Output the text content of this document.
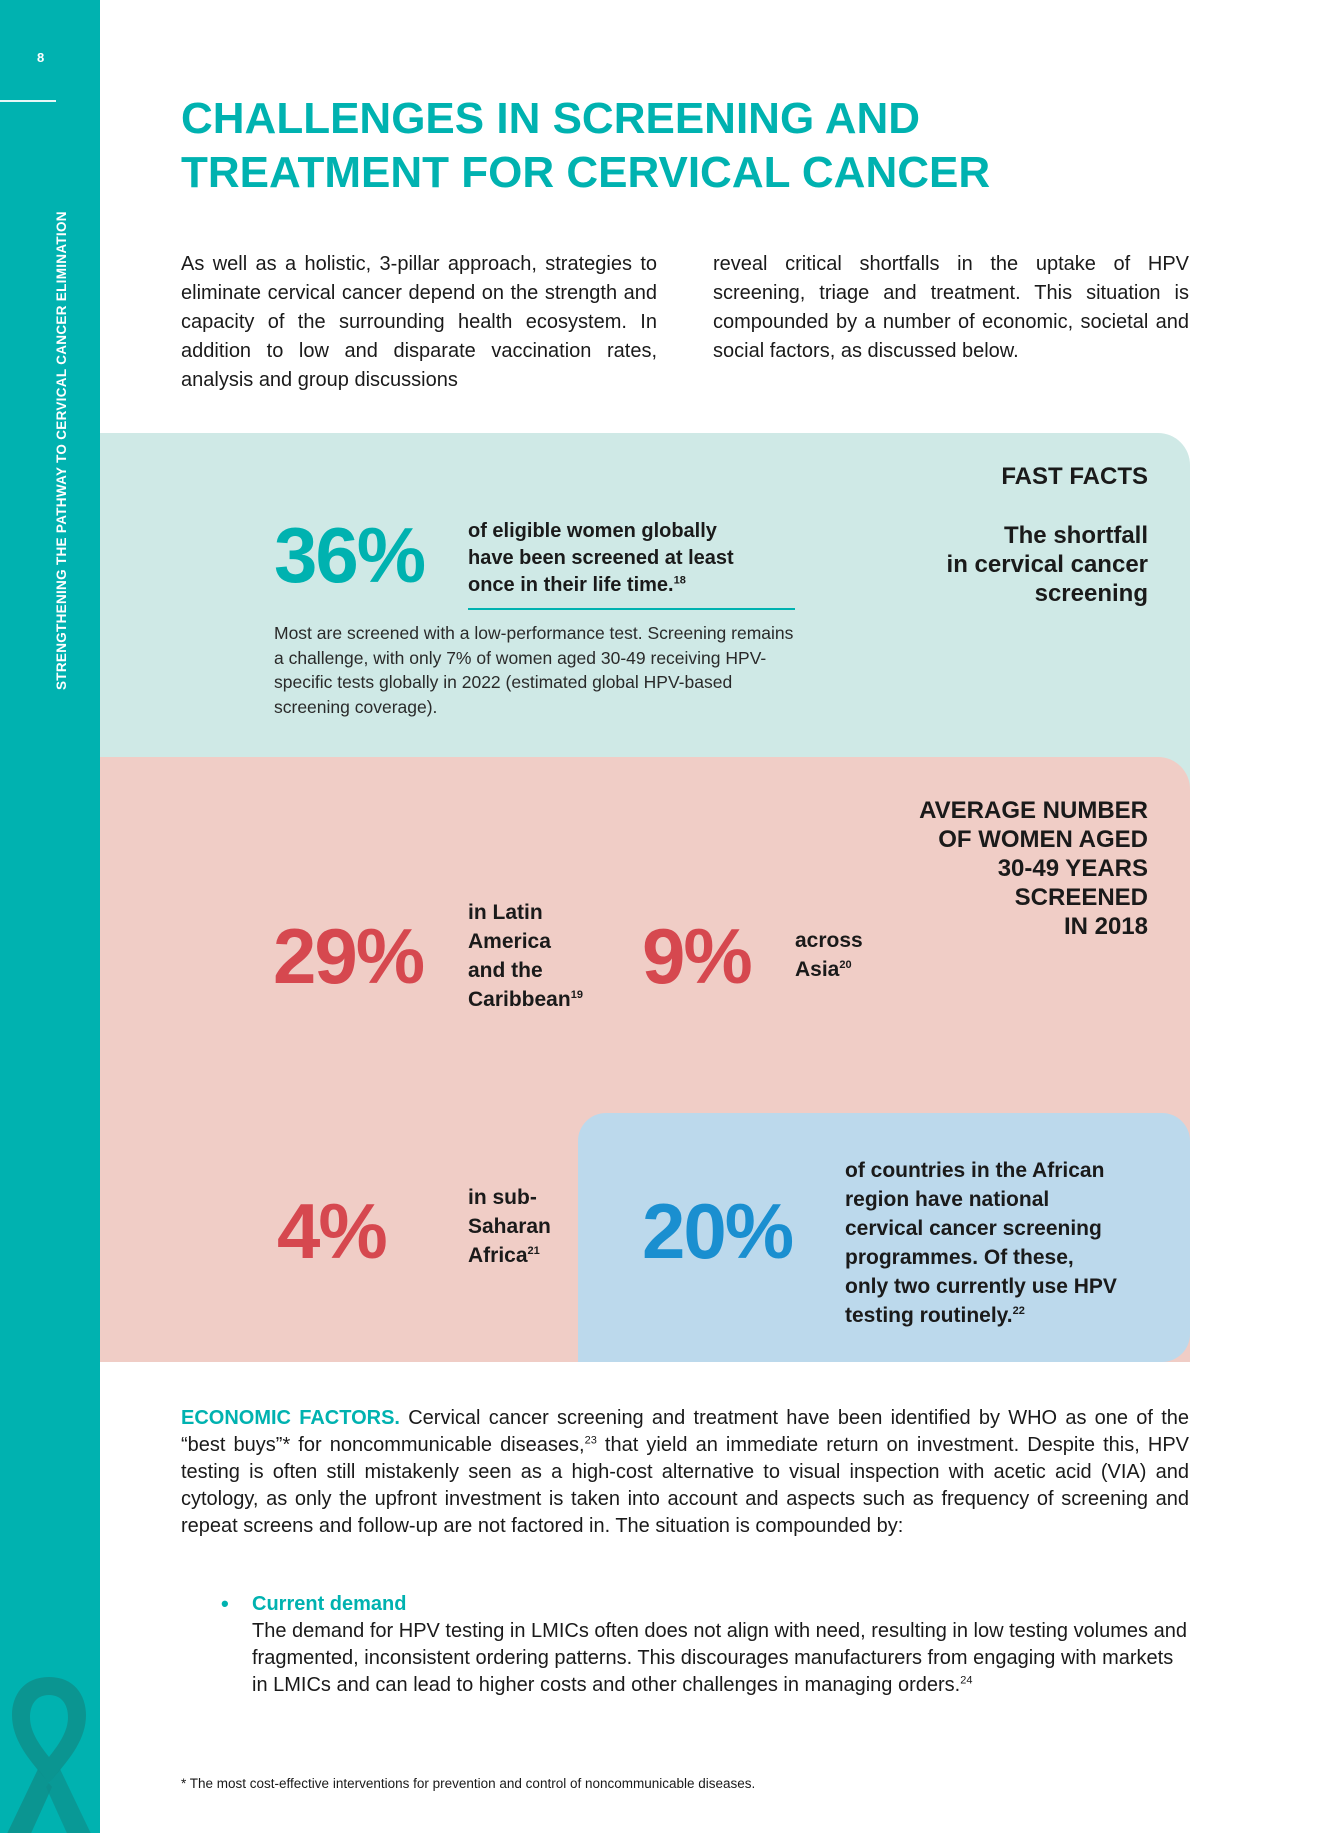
8
STRENGTHENING THE PATHWAY TO CERVICAL CANCER ELIMINATION
CHALLENGES IN SCREENING AND
TREATMENT FOR CERVICAL CANCER

As well as a holistic, 3-pillar approach, strategies to eliminate cervical cancer depend on the strength and capacity of the surrounding health ecosystem. In addition to low and disparate vaccination rates, analysis and group discussions

reveal critical shortfalls in the uptake of HPV screening, triage and treatment. This situation is compounded by a number of economic, societal and social factors, as discussed below.

FAST FACTS
The shortfall
in cervical cancer
screening
36% of eligible women globally
have been screened at least
once in their life time.$^{18}$

Most are screened with a low-performance test. Screening remains a challenge, with only 7% of women aged 30-49 receiving HPV-specific tests globally in 2022 (estimated global HPV-based screening coverage).

AVERAGE NUMBER
OF WOMEN AGED
30-49 YEARS
SCREENED
IN 2018
29% in Latin
America
and the
Caribbean$^{19}$ 9% across
Asia$^{20}$
4%	in sub-
Saharan
Africa$^{21}$ 20%
of countries in the African
region have national
cervical cancer screening
programmes. Of these,
only two currently use HPV
testing routinely.$^{22}$

ECONOMIC FACTORS. Cervical cancer screening and treatment have been identified by WHO as one of the “best buys”* for noncommunicable diseases,$^{23}$ that yield an immediate return on investment. Despite this, HPV testing is often still mistakenly seen as a high-cost alternative to visual inspection with acetic acid (VIA) and cytology, as only the upfront investment is taken into account and aspects such as frequency of screening and repeat screens and follow-up are not factored in. The situation is compounded by:

• Current demand
The demand for HPV testing in LMICs often does not align with need, resulting in low testing volumes and fragmented, inconsistent ordering patterns. This discourages manufacturers from engaging with markets in LMICs and can lead to higher costs and other challenges in managing orders.$^{24}$
* The most cost-effective interventions for prevention and control of noncommunicable diseases.
